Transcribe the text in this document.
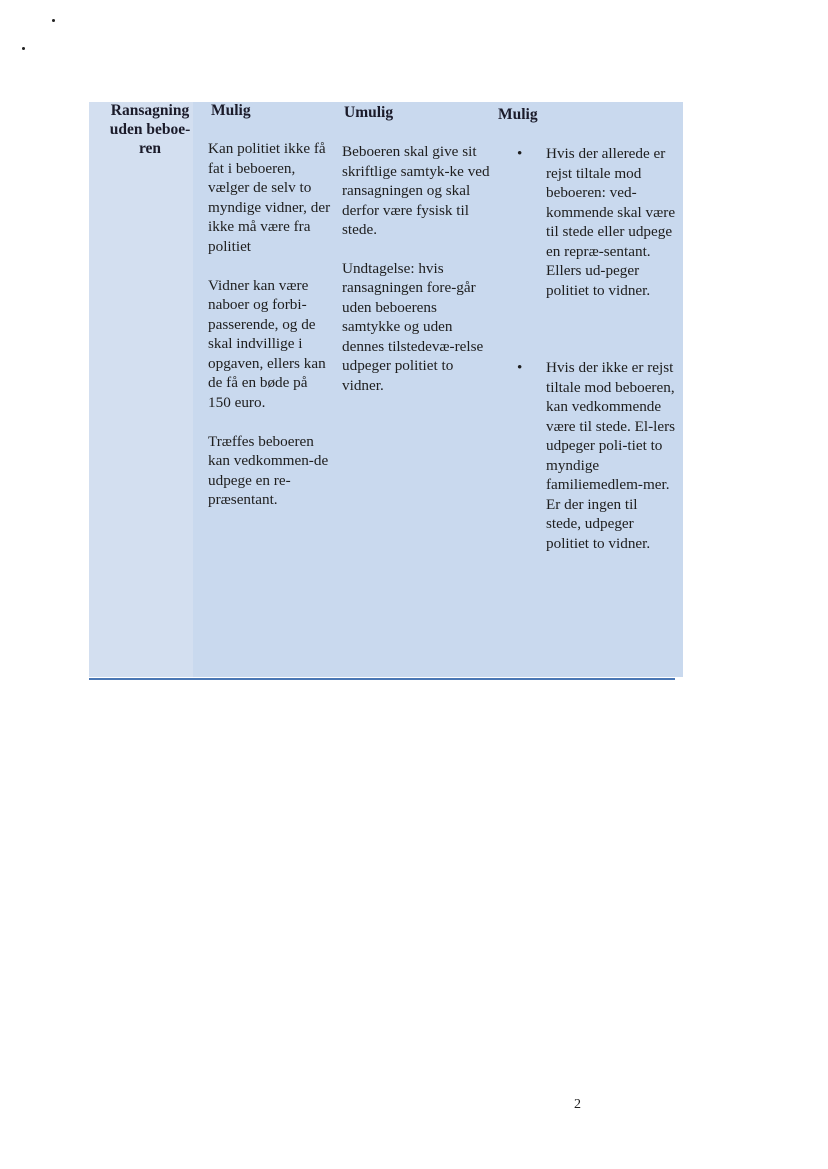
Ransagning uden beboe-ren
Mulig	Umulig	Mulig

Kan politiet ikke få fat i beboeren, vælger de selv to myndige vidner, der ikke må være fra politiet

Vidner kan være naboer og forbi-passerende, og de skal indvillige i opgaven, ellers kan de få en bøde på 150 euro.

Træffes beboeren kan vedkommen-de udpege en re-præsentant.

Beboeren skal give sit skriftlige samtyk-ke ved ransagningen og skal derfor være fysisk til stede.

Undtagelse: hvis ransagningen fore-går uden beboerens samtykke og uden dennes tilstedevæ-relse udpeger politiet to vidner.

• Hvis der allerede er rejst tiltale mod beboeren: ved-kommende skal være til stede eller udpege en repræ-sentant. Ellers ud-peger politiet to vidner.
• Hvis der ikke er rejst tiltale mod beboeren, kan vedkommende være til stede. El-lers udpeger poli-tiet to myndige familiemedlem-mer. Er der ingen til stede, udpeger politiet to vidner.
2
